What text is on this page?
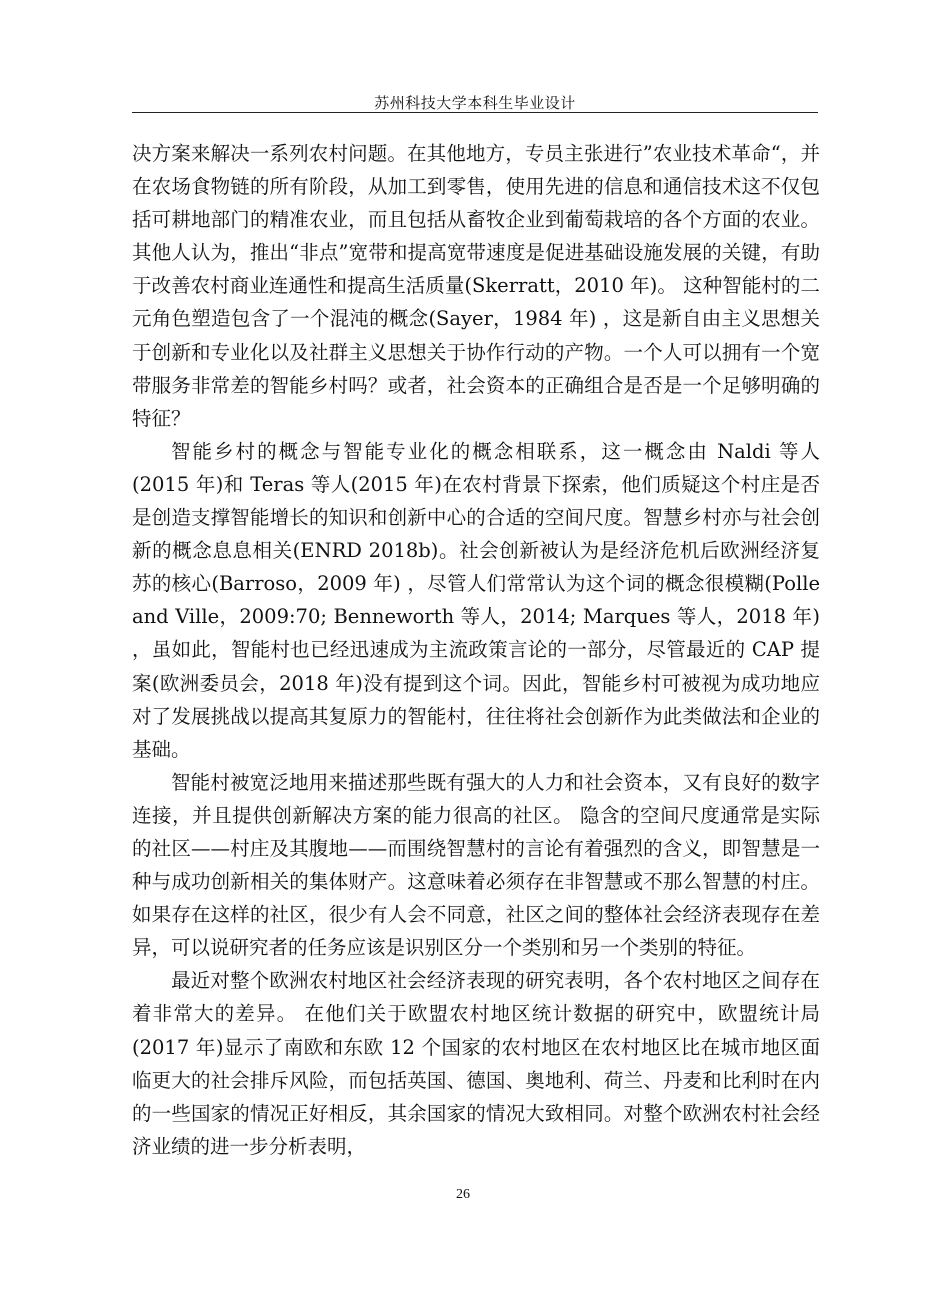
苏州科技大学本科生毕业设计

决方案来解决一系列农村问题。在其他地方，专员主张进行”农业技术革命“，并在农场食物链的所有阶段，从加工到零售，使用先进的信息和通信技术这不仅包括可耕地部门的精准农业，而且包括从畜牧企业到葡萄栽培的各个方面的农业。其他人认为，推出“非点”宽带和提高宽带速度是促进基础设施发展的关键，有助于改善农村商业连通性和提高生活质量(Skerratt，2010 年)。 这种智能村的二元角色塑造包含了一个混沌的概念(Sayer，1984 年) ，这是新自由主义思想关于创新和专业化以及社群主义思想关于协作行动的产物。一个人可以拥有一个宽带服务非常差的智能乡村吗？或者，社会资本的正确组合是否是一个足够明确的特征？

智能乡村的概念与智能专业化的概念相联系，这一概念由 Naldi 等人(2015 年)和 Teras 等人(2015 年)在农村背景下探索，他们质疑这个村庄是否是创造支撑智能增长的知识和创新中心的合适的空间尺度。智慧乡村亦与社会创新的概念息息相关(ENRD 2018b)。社会创新被认为是经济危机后欧洲经济复苏的核心(Barroso，2009 年) ，尽管人们常常认为这个词的概念很模糊(Polle and Ville，2009:70; Benneworth 等人，2014; Marques 等人，2018 年) ，虽如此，智能村也已经迅速成为主流政策言论的一部分，尽管最近的 CAP 提案(欧洲委员会，2018 年)没有提到这个词。因此，智能乡村可被视为成功地应对了发展挑战以提高其复原力的智能村，往往将社会创新作为此类做法和企业的基础。

智能村被宽泛地用来描述那些既有强大的人力和社会资本，又有良好的数字连接，并且提供创新解决方案的能力很高的社区。 隐含的空间尺度通常是实际的社区——村庄及其腹地——而围绕智慧村的言论有着强烈的含义，即智慧是一种与成功创新相关的集体财产。这意味着必须存在非智慧或不那么智慧的村庄。如果存在这样的社区，很少有人会不同意，社区之间的整体社会经济表现存在差异，可以说研究者的任务应该是识别区分一个类别和另一个类别的特征。

最近对整个欧洲农村地区社会经济表现的研究表明，各个农村地区之间存在着非常大的差异。 在他们关于欧盟农村地区统计数据的研究中，欧盟统计局(2017 年)显示了南欧和东欧 12 个国家的农村地区在农村地区比在城市地区面临更大的社会排斥风险，而包括英国、德国、奥地利、荷兰、丹麦和比利时在内的一些国家的情况正好相反，其余国家的情况大致相同。对整个欧洲农村社会经济业绩的进一步分析表明，

26
